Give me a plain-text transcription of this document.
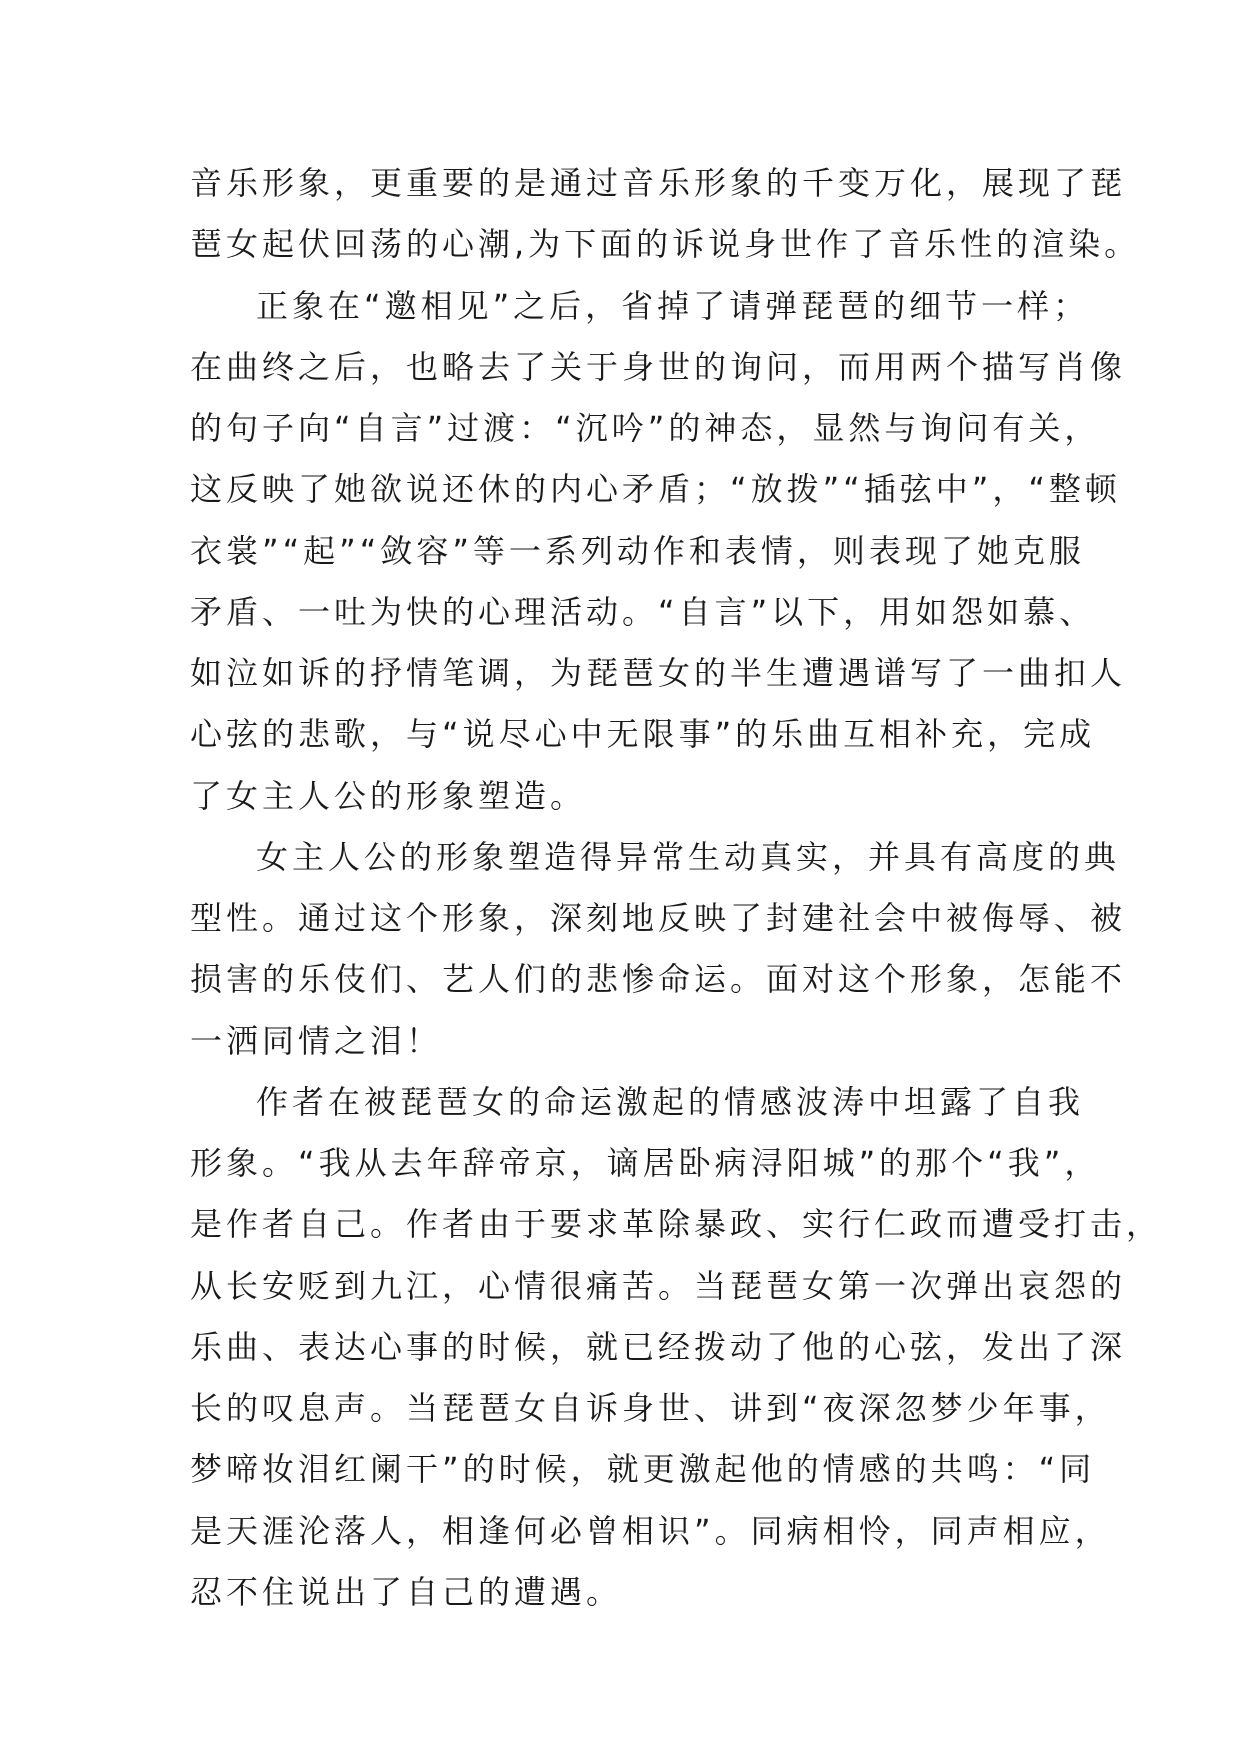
音乐形象，更重要的是通过音乐形象的千变万化，展现了琵
琶女起伏回荡的心潮,为下面的诉说身世作了音乐性的渲染。
正象在“邀相见”之后，省掉了请弹琵琶的细节一样；
在曲终之后，也略去了关于身世的询问，而用两个描写肖像
的句子向“自言”过渡：“沉吟”的神态，显然与询问有关，
这反映了她欲说还休的内心矛盾；“放拨”“插弦中”，“整顿
衣裳”“起”“敛容”等一系列动作和表情，则表现了她克服
矛盾、一吐为快的心理活动。“自言”以下，用如怨如慕、
如泣如诉的抒情笔调，为琵琶女的半生遭遇谱写了一曲扣人
心弦的悲歌，与“说尽心中无限事”的乐曲互相补充，完成
了女主人公的形象塑造。
女主人公的形象塑造得异常生动真实，并具有高度的典
型性。通过这个形象，深刻地反映了封建社会中被侮辱、被
损害的乐伎们、艺人们的悲惨命运。面对这个形象，怎能不
一洒同情之泪！
作者在被琵琶女的命运激起的情感波涛中坦露了自我
形象。“我从去年辞帝京，谪居卧病浔阳城”的那个“我”，
是作者自己。作者由于要求革除暴政、实行仁政而遭受打击，
从长安贬到九江，心情很痛苦。当琵琶女第一次弹出哀怨的
乐曲、表达心事的时候，就已经拨动了他的心弦，发出了深
长的叹息声。当琵琶女自诉身世、讲到“夜深忽梦少年事，
梦啼妆泪红阑干”的时候，就更激起他的情感的共鸣：“同
是天涯沦落人，相逢何必曾相识”。同病相怜，同声相应，
忍不住说出了自己的遭遇。
